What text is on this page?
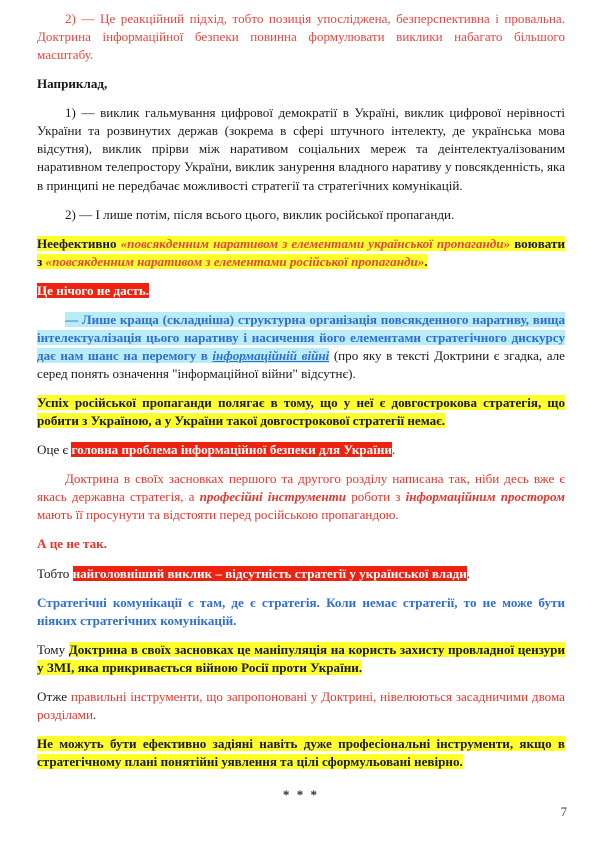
2) — Це реакційний підхід, тобто позиція упосліджена, безперспективна і провальна. Доктрина інформаційної безпеки повинна формулювати виклики набагато більшого масштабу.

Наприклад,

1) — виклик гальмування цифрової демократії в Україні, виклик цифрової нерівності України та розвинутих держав (зокрема в сфері штучного інтелекту, де українська мова відсутня), виклик прірви між наративом соціальних мереж та деінтелектуалізованим наративном телепростору України, виклик занурення владного наративу у повсякденність, яка в принципі не передбачає можливості стратегії та стратегічних комунікацій.

2) — І лише потім, після всього цього, виклик російської пропаганди.

Неефективно «повсякденним наративом з елементами української пропаганди» воювати з «повсякденним наративом з елементами російської пропаганди».

Це нічого не дасть.

— Лише краща (складніша) структурна організація повсякденного наративу, вища інтелектуалізація цього наративу і насичення його елементами стратегічного дискурсу дає нам шанс на перемогу в інформаційній війні (про яку в тексті Доктрини є згадка, але серед понять означення "інформаційної війни" відсутнє).

Успіх російської пропаганди полягає в тому, що у неї є довгострокова стратегія, що робити з Україною, а у України такої довгострокової стратегії немає.

Оце є головна проблема інформаційної безпеки для України.

Доктрина в своїх засновках першого та другого розділу написана так, ніби десь вже є якась державна стратегія, а професійні інструменти роботи з інформаційним простором мають її просунути та відстояти перед російською пропагандою.

А це не так.

Тобто найголовніший виклик – відсутність стратегії у української влади.

Стратегічні комунікації є там, де є стратегія. Коли немає стратегії, то не може бути ніяких стратегічних комунікацій.

Тому Доктрина в своїх засновках це маніпуляція на користь захисту провладної цензури у ЗМІ, яка прикривається війною Росії проти України.

Отже правильні інструменти, що запропоновані у Доктрині, нівелюються засадничими двома розділами.

Не можуть бути ефективно задіяні навіть дуже професіональні інструменти, якщо в стратегічному плані понятійні уявлення та цілі сформульовані невірно.

* * *
7
